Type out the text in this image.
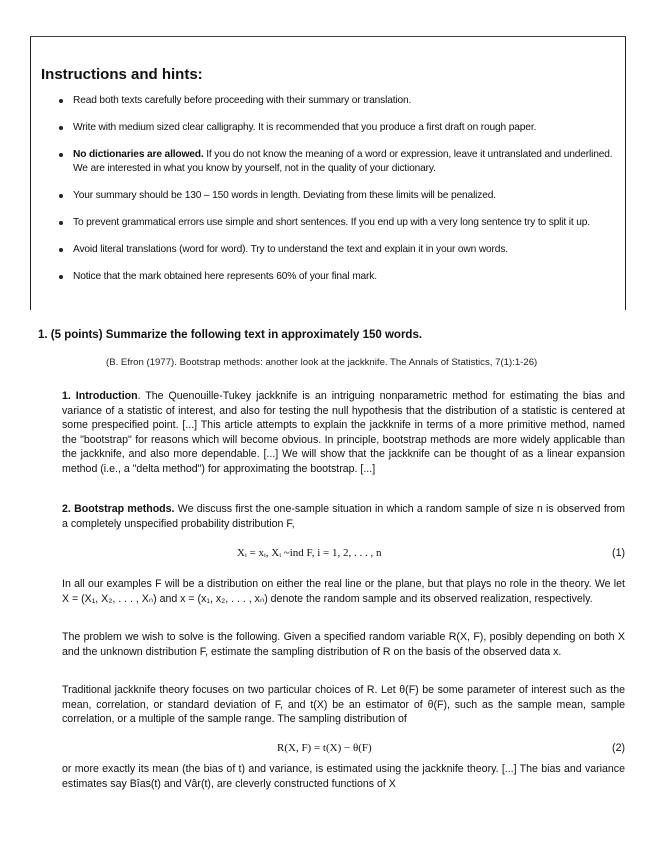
Instructions and hints:
Read both texts carefully before proceeding with their summary or translation.
Write with medium sized clear calligraphy. It is recommended that you produce a first draft on rough paper.
No dictionaries are allowed. If you do not know the meaning of a word or expression, leave it untranslated and underlined. We are interested in what you know by yourself, not in the quality of your dictionary.
Your summary should be 130 – 150 words in length. Deviating from these limits will be penalized.
To prevent grammatical errors use simple and short sentences. If you end up with a very long sentence try to split it up.
Avoid literal translations (word for word). Try to understand the text and explain it in your own words.
Notice that the mark obtained here represents 60% of your final mark.
1. (5 points) Summarize the following text in approximately 150 words.
(B. Efron (1977). Bootstrap methods: another look at the jackknife. The Annals of Statistics, 7(1):1-26)

1. Introduction. The Quenouille-Tukey jackknife is an intriguing nonparametric method for estimating the bias and variance of a statistic of interest, and also for testing the null hypothesis that the distribution of a statistic is centered at some prespecified point. [...] This article attempts to explain the jackknife in terms of a more primitive method, named the "bootstrap" for reasons which will become obvious. In principle, bootstrap methods are more widely applicable than the jackknife, and also more dependable. [...] We will show that the jackknife can be thought of as a linear expansion method (i.e., a "delta method") for approximating the bootstrap. [...]

2. Bootstrap methods. We discuss first the one-sample situation in which a random sample of size n is observed from a completely unspecified probability distribution F,

Xᵢ = xᵢ, Xᵢ ~ind F, i = 1, 2, . . . , n	(1)

In all our examples F will be a distribution on either the real line or the plane, but that plays no role in the theory. We let X = (X₁, X₂, . . . , Xₙ) and x = (x₁, x₂, . . . , xₙ) denote the random sample and its observed realization, respectively.

The problem we wish to solve is the following. Given a specified random variable R(X, F), posibly depending on both X and the unknown distribution F, estimate the sampling distribution of R on the basis of the observed data x.

Traditional jackknife theory focuses on two particular choices of R. Let θ(F) be some parameter of interest such as the mean, correlation, or standard deviation of F, and t(X) be an estimator of θ(F), such as the sample mean, sample correlation, or a multiple of the sample range. The sampling distribution of

R(X, F) = t(X) − θ(F)	(2)

or more exactly its mean (the bias of t) and variance, is estimated using the jackknife theory. [...] The bias and variance estimates say Bîas(t) and Vâr(t), are cleverly constructed functions of X
